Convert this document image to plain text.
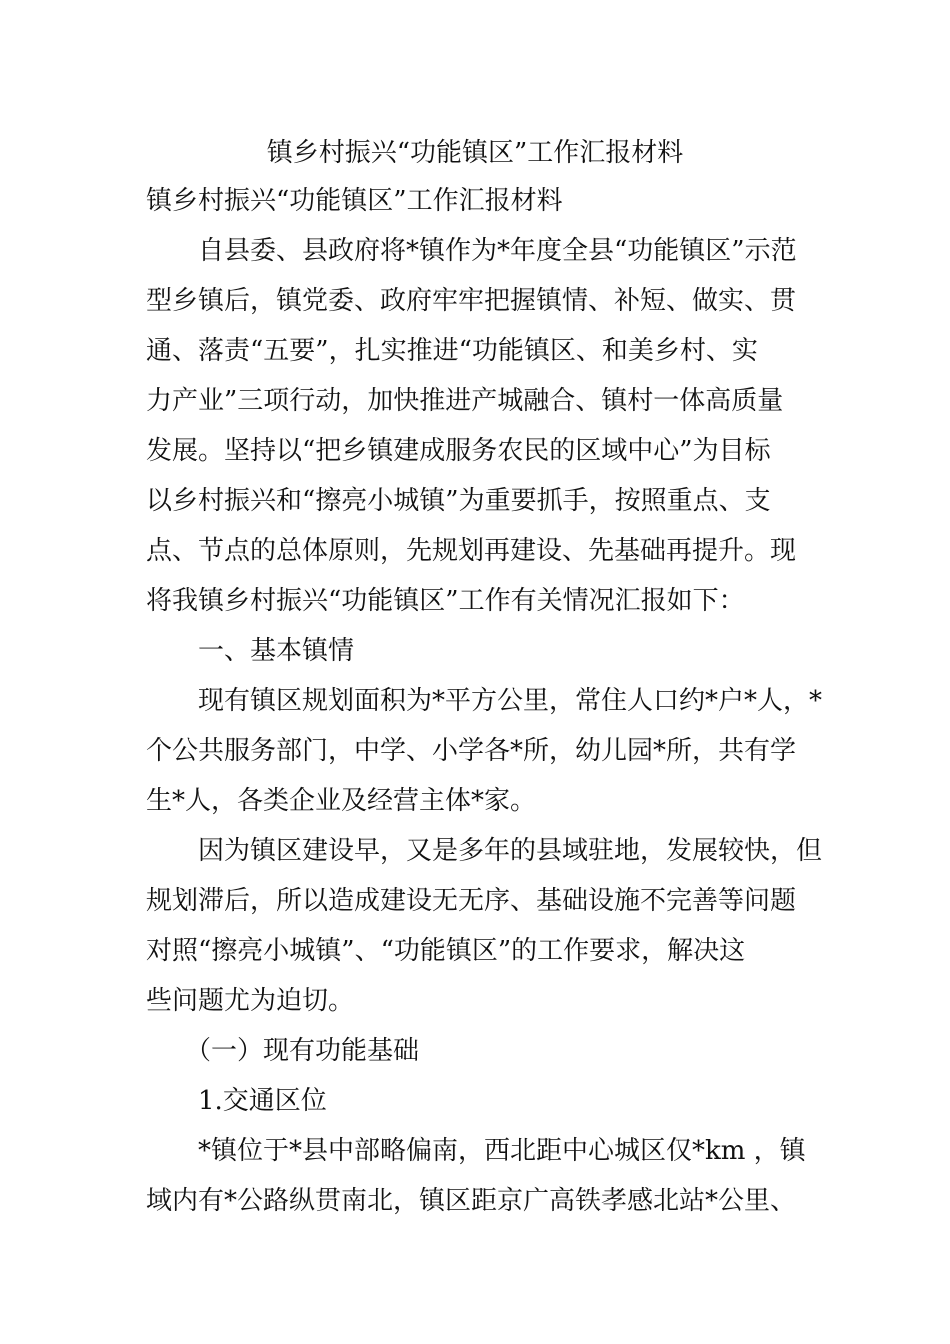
镇乡村振兴“功能镇区”工作汇报材料
镇乡村振兴“功能镇区”工作汇报材料
　　自县委、县政府将*镇作为*年度全县“功能镇区”示范
型乡镇后，镇党委、政府牢牢把握镇情、补短、做实、贯
通、落责“五要”，扎实推进“功能镇区、和美乡村、实
力产业”三项行动，加快推进产城融合、镇村一体高质量
发展。坚持以“把乡镇建成服务农民的区域中心”为目标
以乡村振兴和“擦亮小城镇”为重要抓手，按照重点、支
点、节点的总体原则，先规划再建设、先基础再提升。现
将我镇乡村振兴“功能镇区”工作有关情况汇报如下：
　　一、基本镇情
　　现有镇区规划面积为*平方公里，常住人口约*户*人，*
个公共服务部门，中学、小学各*所，幼儿园*所，共有学
生*人，各类企业及经营主体*家。
　　因为镇区建设早，又是多年的县域驻地，发展较快，但
规划滞后，所以造成建设无无序、基础设施不完善等问题
对照“擦亮小城镇”、“功能镇区”的工作要求，解决这
些问题尤为迫切。
　　（一）现有功能基础
　　1.交通区位
　　*镇位于*县中部略偏南，西北距中心城区仅*km ，镇
域内有*公路纵贯南北，镇区距京广高铁孝感北站*公里、
